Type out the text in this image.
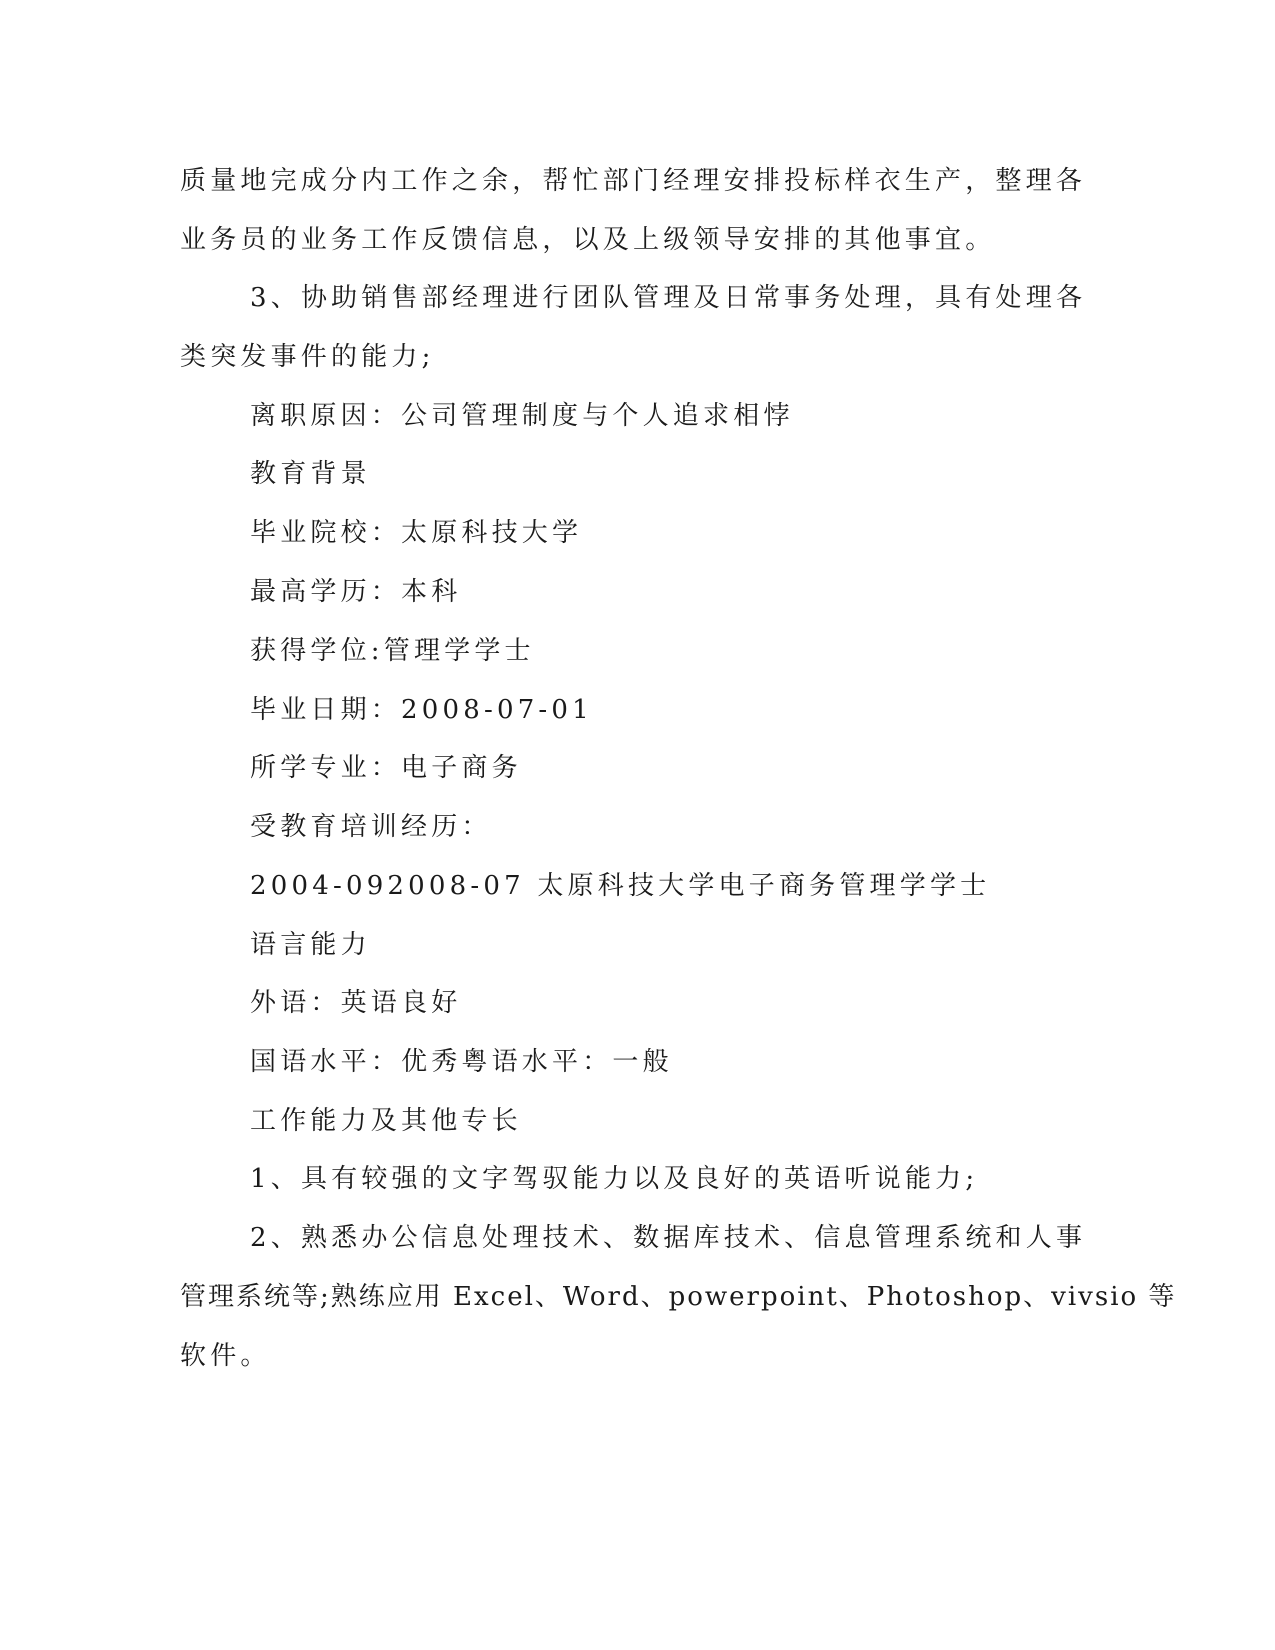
质量地完成分内工作之余，帮忙部门经理安排投标样衣生产，整理各
业务员的业务工作反馈信息，以及上级领导安排的其他事宜。
3、协助销售部经理进行团队管理及日常事务处理，具有处理各
类突发事件的能力;
离职原因：公司管理制度与个人追求相悖
教育背景
毕业院校：太原科技大学
最高学历：本科
获得学位:管理学学士
毕业日期：2008-07-01
所学专业：电子商务
受教育培训经历：
2004-092008-07 太原科技大学电子商务管理学学士
语言能力
外语：英语良好
国语水平：优秀粤语水平：一般
工作能力及其他专长
1、具有较强的文字驾驭能力以及良好的英语听说能力;
2、熟悉办公信息处理技术、数据库技术、信息管理系统和人事
管理系统等;熟练应用 Excel、Word、powerpoint、Photoshop、vivsio 等
软件。
